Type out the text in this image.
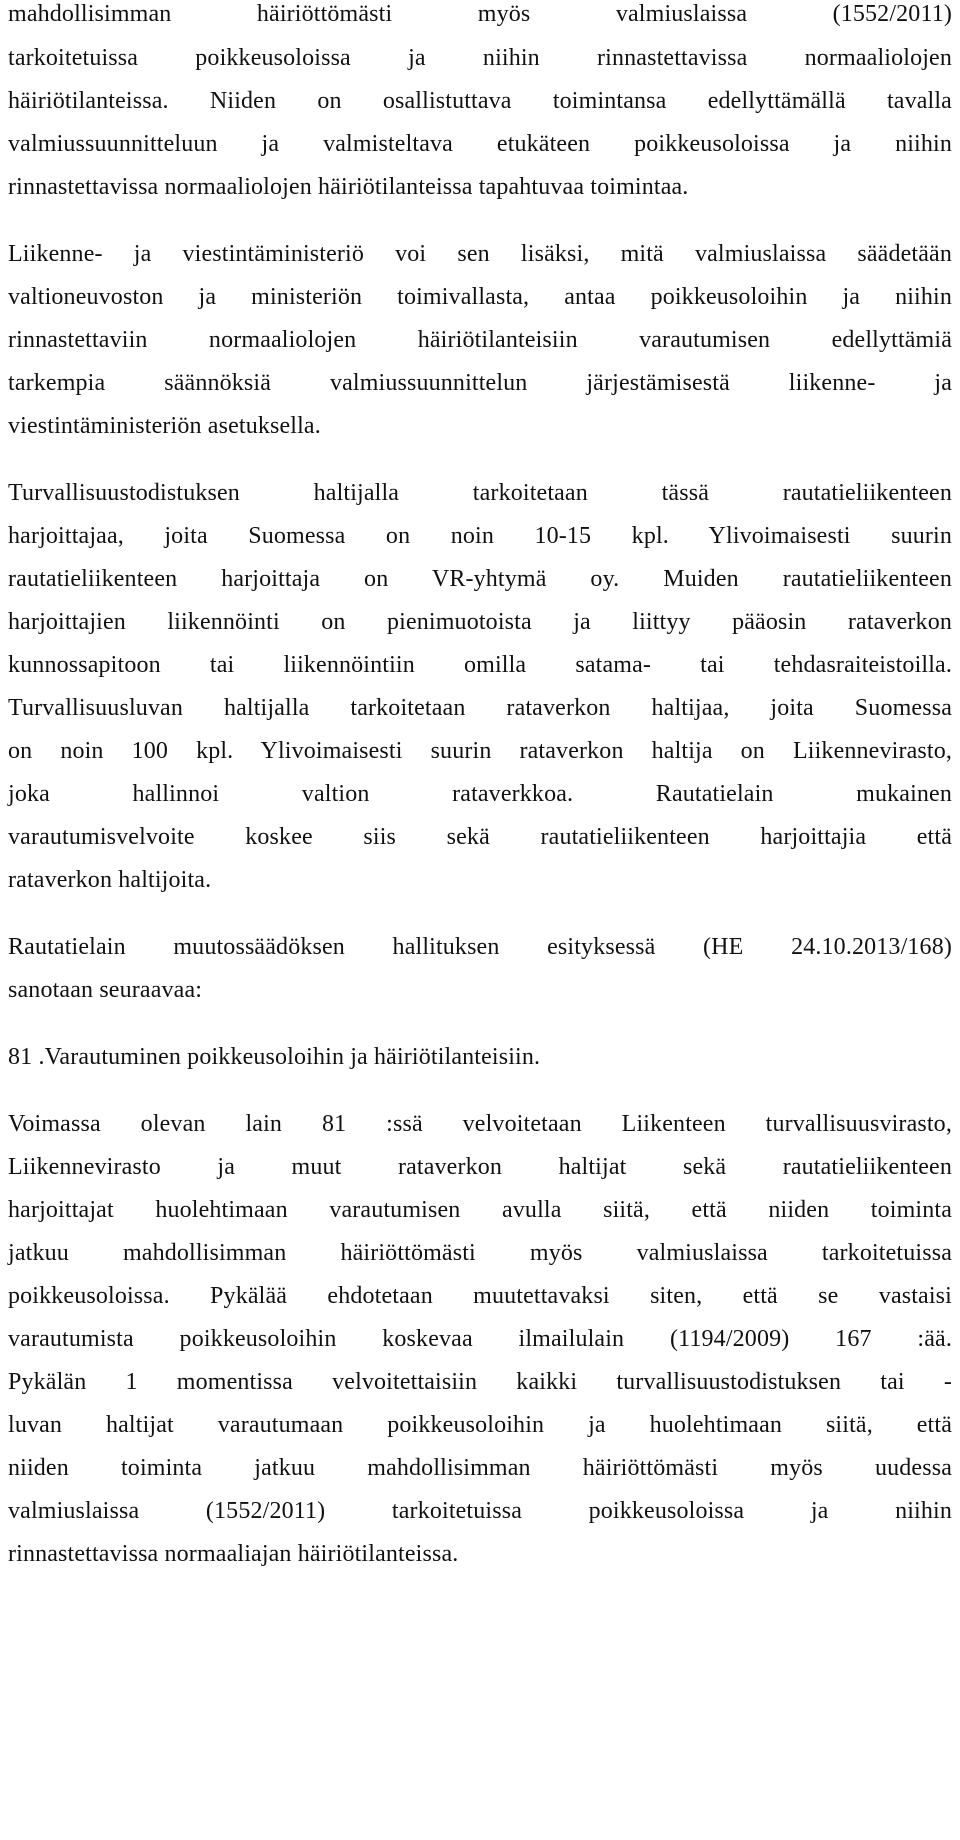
mahdollisimman häiriöttömästi myös valmiuslaissa (1552/2011)
tarkoitetuissa poikkeusoloissa ja niihin rinnastettavissa normaaliolojen
häiriötilanteissa. Niiden on osallistuttava toimintansa edellyttämällä tavalla
valmiussuunnitteluun ja valmisteltava etukäteen poikkeusoloissa ja niihin
rinnastettavissa normaaliolojen häiriötilanteissa tapahtuvaa toimintaa.
Liikenne- ja viestintäministeriö voi sen lisäksi, mitä valmiuslaissa säädetään
valtioneuvoston ja ministeriön toimivallasta, antaa poikkeusoloihin ja niihin
rinnastettaviin normaaliolojen häiriötilanteisiin varautumisen edellyttämiä
tarkempia säännöksiä valmiussuunnittelun järjestämisestä liikenne- ja
viestintäministeriön asetuksella.
Turvallisuustodistuksen haltijalla tarkoitetaan tässä rautatieliikenteen
harjoittajaa, joita Suomessa on noin 10-15 kpl. Ylivoimaisesti suurin
rautatieliikenteen harjoittaja on VR-yhtymä oy. Muiden rautatieliikenteen
harjoittajien liikennöinti on pienimuotoista ja liittyy pääosin rataverkon
kunnossapitoon tai liikennöintiin omilla satama- tai tehdasraiteistoilla.
Turvallisuusluvan haltijalla tarkoitetaan rataverkon haltijaa, joita Suomessa
on noin 100 kpl. Ylivoimaisesti suurin rataverkon haltija on Liikennevirasto,
joka hallinnoi valtion rataverkkoa. Rautatielain mukainen
varautumisvelvoite koskee siis sekä rautatieliikenteen harjoittajia että
rataverkon haltijoita.
Rautatielain muutossäädöksen hallituksen esityksessä (HE 24.10.2013/168)
sanotaan seuraavaa:
81 .Varautuminen poikkeusoloihin ja häiriötilanteisiin.
Voimassa olevan lain 81 :ssä velvoitetaan Liikenteen turvallisuusvirasto,
Liikennevirasto ja muut rataverkon haltijat sekä rautatieliikenteen
harjoittajat huolehtimaan varautumisen avulla siitä, että niiden toiminta
jatkuu mahdollisimman häiriöttömästi myös valmiuslaissa tarkoitetuissa
poikkeusoloissa. Pykälää ehdotetaan muutettavaksi siten, että se vastaisi
varautumista poikkeusoloihin koskevaa ilmailulain (1194/2009) 167 :ää.
Pykälän 1 momentissa velvoitettaisiin kaikki turvallisuustodistuksen tai -
luvan haltijat varautumaan poikkeusoloihin ja huolehtimaan siitä, että
niiden toiminta jatkuu mahdollisimman häiriöttömästi myös uudessa
valmiuslaissa (1552/2011) tarkoitetuissa poikkeusoloissa ja niihin
rinnastettavissa normaaliajan häiriötilanteissa.
